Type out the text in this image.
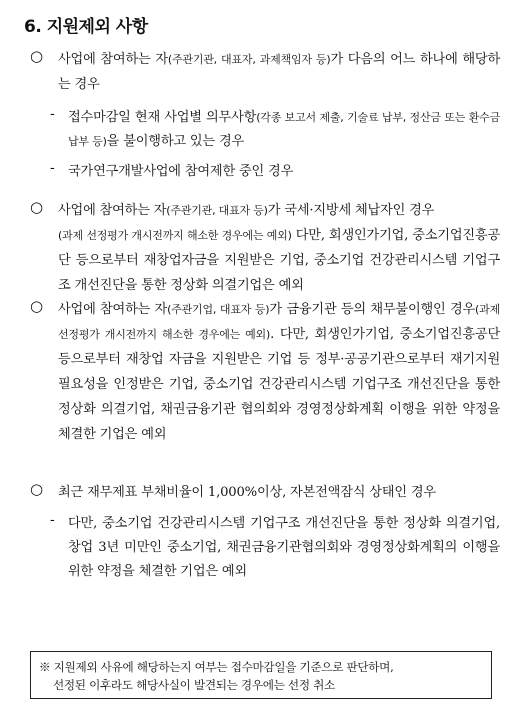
6. 지원제외 사항
○ 사업에 참여하는 자(주관기관, 대표자, 과제책임자 등)가 다음의 어느 하나에 해당하는 경우
- 접수마감일 현재 사업별 의무사항(각종 보고서 제출, 기술료 납부, 정산금 또는 환수금 납부 등)을 불이행하고 있는 경우
- 국가연구개발사업에 참여제한 중인 경우
○ 사업에 참여하는 자(주관기관, 대표자 등)가 국세·지방세 체납자인 경우
(과제 선정평가 개시전까지 해소한 경우에는 예외) 다만, 회생인가기업, 중소기업진흥공단 등으로부터 재창업자금을 지원받은 기업, 중소기업 건강관리시스템 기업구조 개선진단을 통한 정상화 의결기업은 예외
○ 사업에 참여하는 자(주관기업, 대표자 등)가 금융기관 등의 채무불이행인 경우(과제 선정평가 개시전까지 해소한 경우에는 예외). 다만, 회생인가기업, 중소기업진흥공단 등으로부터 재창업 자금을 지원받은 기업 등 정부·공공기관으로부터 재기지원 필요성을 인정받은 기업, 중소기업 건강관리시스템 기업구조 개선진단을 통한 정상화 의결기업, 채권금융기관 협의회와 경영정상화계획 이행을 위한 약정을 체결한 기업은 예외
○ 최근 재무제표 부채비율이 1,000%이상, 자본전액잠식 상태인 경우
- 다만, 중소기업 건강관리시스템 기업구조 개선진단을 통한 정상화 의결기업, 창업 3년 미만인 중소기업, 채권금융기관협의회와 경영정상화계획의 이행을 위한 약정을 체결한 기업은 예외
※ 지원제외 사유에 해당하는지 여부는 접수마감일을 기준으로 판단하며,
선정된 이후라도 해당사실이 발견되는 경우에는 선정 취소
